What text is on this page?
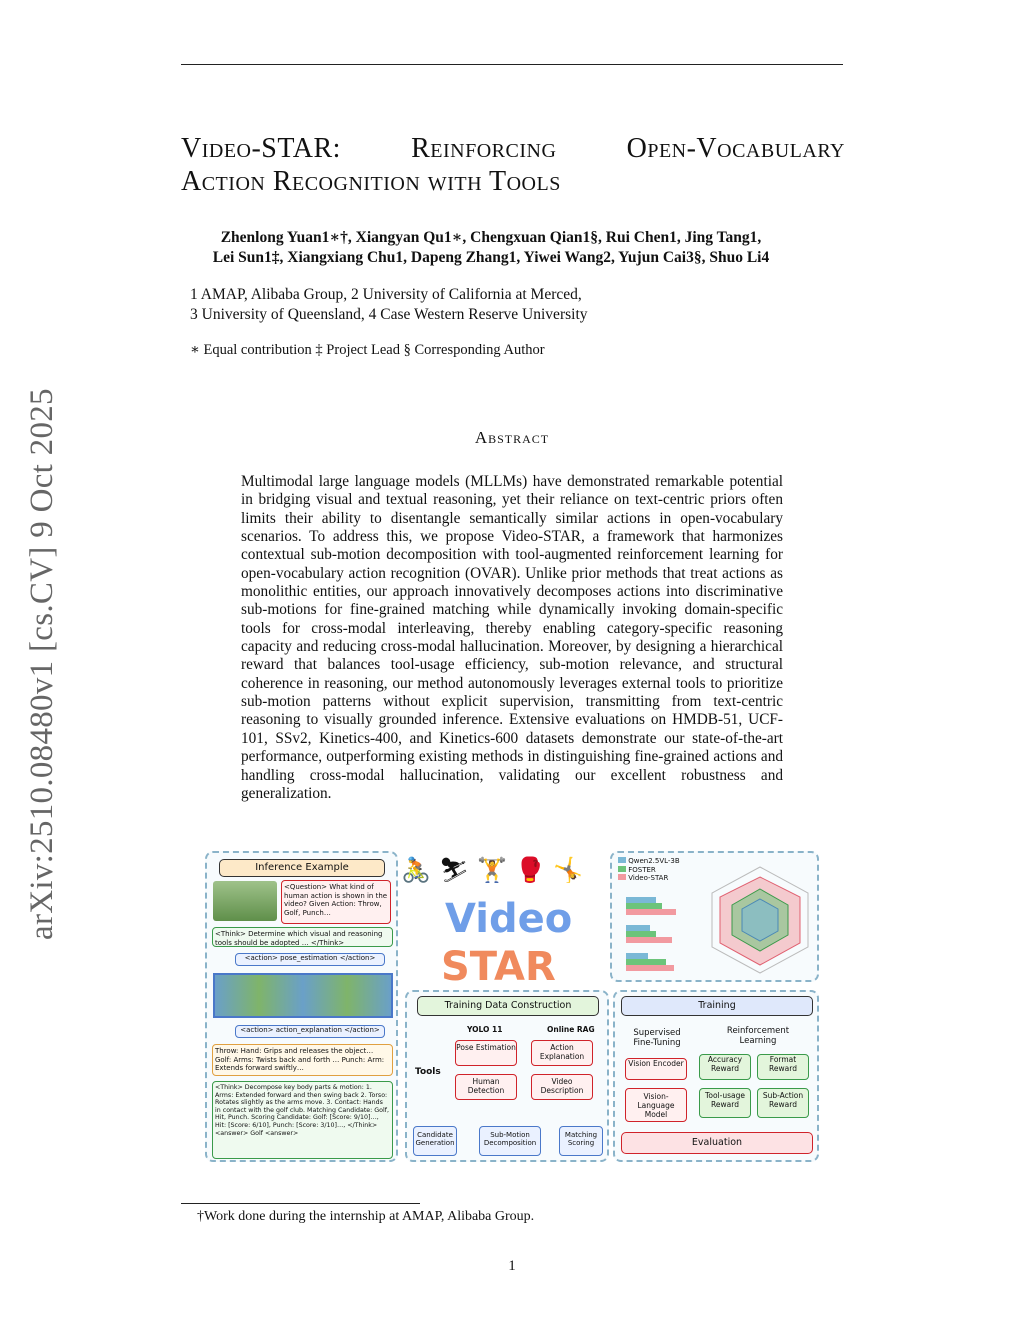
arXiv:2510.08480v1 [cs.CV] 9 Oct 2025
Video-STAR:	Reinforcing	Open-Vocabulary
Action Recognition with Tools
Zhenlong Yuan1∗†, Xiangyan Qu1∗, Chengxuan Qian1§, Rui Chen1, Jing Tang1,
Lei Sun1‡, Xiangxiang Chu1, Dapeng Zhang1, Yiwei Wang2, Yujun Cai3§, Shuo Li4
1 AMAP, Alibaba Group, 2 University of California at Merced,
3 University of Queensland, 4 Case Western Reserve University
∗ Equal contribution ‡ Project Lead § Corresponding Author
Abstract
Multimodal large language models (MLLMs) have demonstrated remarkable potential in bridging visual and textual reasoning, yet their reliance on text-centric priors often limits their ability to disentangle semantically similar actions in open-vocabulary scenarios. To address this, we propose Video-STAR, a framework that harmonizes contextual sub-motion decomposition with tool-augmented reinforcement learning for open-vocabulary action recognition (OVAR). Unlike prior methods that treat actions as monolithic entities, our approach innovatively decomposes actions into discriminative sub-motions for fine-grained matching while dynamically invoking domain-specific tools for cross-modal interleaving, thereby enabling category-specific reasoning capacity and reducing cross-modal hallucination. Moreover, by designing a hierarchical reward that balances tool-usage efficiency, sub-motion relevance, and structural coherence in reasoning, our method autonomously leverages external tools to prioritize sub-motion patterns without explicit supervision, transmitting from text-centric reasoning to visually grounded inference. Extensive evaluations on HMDB-51, UCF-101, SSv2, Kinetics-400, and Kinetics-600 datasets demonstrate our state-of-the-art performance, outperforming existing methods in distinguishing fine-grained actions and handling cross-modal hallucination, validating our excellent robustness and generalization.
Inference Example
<Question> What kind of human action is shown in the video? Given Action: Throw, Golf, Punch…
<Think> Determine which visual and reasoning tools should be adopted … </Think>
<action> pose_estimation </action>
<action> action_explanation </action>
Throw: Hand: Grips and releases the object… Golf: Arms: Twists back and forth … Punch: Arm: Extends forward swiftly…
<Think> Decompose key body parts & motion: 1. Arms: Extended forward and then swing back 2. Torso: Rotates slightly as the arms move. 3. Contact: Hands in contact with the golf club. Matching Candidate: Golf, Hit, Punch. Scoring Candidate: Golf: [Score: 9/10]…, Hit: [Score: 6/10], Punch: [Score: 3/10]…, </Think> <answer> Golf <answer>
🚴⛷🏋🥊🤸
Video
STAR
Qwen2.5VL-3B
FOSTER
Video-STAR
Training Data Construction
YOLO 11	Online RAG
Tools
Pose Estimation	Action Explanation
Human Detection
Video Description
Candidate Generation
Sub-Motion Decomposition
Matching Scoring
Training
Supervised Fine-Tuning
Reinforcement Learning
Vision Encoder
Vision-Language Model
Accuracy Reward
Format Reward
Tool-usage Reward
Sub-Action Reward
Evaluation
†Work done during the internship at AMAP, Alibaba Group.
1
